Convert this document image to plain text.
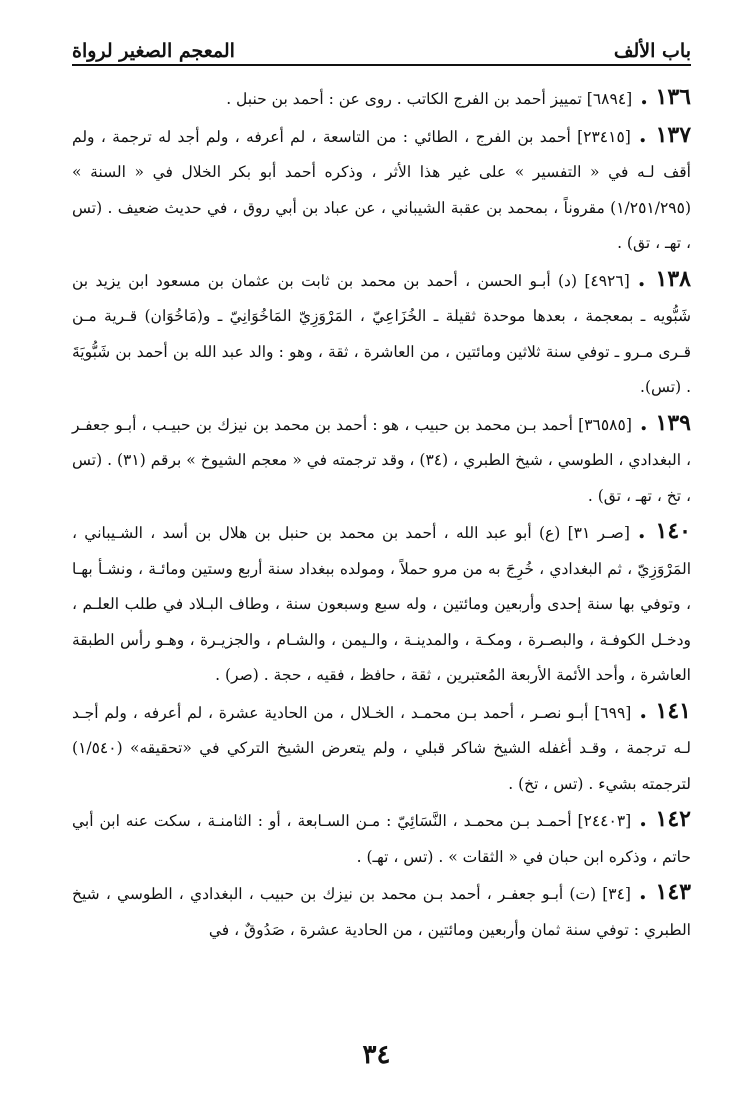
باب الألف
المعجم الصغير لرواة

١٣٦ .[٦٨٩٤] تمييز أحمد بن الفرج الكاتب . روى عن : أحمد بن حنبل .

١٣٧ .[٢٣٤١٥] أحمد بن الفرج ، الطائي : من التاسعة ، لم أعرفه ، ولم أجد له ترجمة ، ولم أقف لـه في « التفسير » على غير هذا الأثر ، وذكره أحمد أبو بكر الخلال في « السنة » (١/٢٥١/٢٩٥) مقروناً ، بمحمد بن عقبة الشيباني ، عن عباد بن أبي روق ، في حديث ضعيف . (تس ، تهـ ، تق) .

١٣٨ .[٤٩٢٦] (د) أبـو الحسن ، أحمد بن محمد بن ثابت بن عثمان بن مسعود ابن يزيد بن شَبُّويه ـ بمعجمة ، بعدها موحدة ثقيلة ـ الخُزَاعِيّ ، المَرْوَزِيّ المَاخُوَانِيّ ـ و(مَاخُوَان) قـرية مـن قـرى مـرو ـ توفي سنة ثلاثين ومائتين ، من العاشرة ، ثقة ، وهو : والد عبد الله بن أحمد بن شَبُّويَةَ . (تس).

١٣٩ .[٣٦٥٨٥] أحمد بـن محمد بن حبيب ، هو : أحمد بن محمد بن نيزك بن حبيـب ، أبـو جعفـر ، البغدادي ، الطوسي ، شيخ الطبري ، (٣٤) ، وقد ترجمته في « معجم الشيوخ » برقم (٣١) . (تس ، تخ ، تهـ ، تق) .

١٤٠ .[صـر ٣١] (ع) أبو عبد الله ، أحمد بن محمد بن حنبل بن هلال بن أسد ، الشـيباني ، المَرْوَزِيّ ، ثم البغدادي ، خُرِجَ به من مرو حملاً ، ومولده ببغداد سنة أربع وستين ومائـة ، ونشـأ بهـا ، وتوفي بها سنة إحدى وأربعين ومائتين ، وله سبع وسبعون سنة ، وطاف البـلاد في طلب العلـم ، ودخـل الكوفـة ، والبصـرة ، ومكـة ، والمدينـة ، والـيمن ، والشـام ، والجزيـرة ، وهـو رأس الطبقة العاشرة ، وأحد الأئمة الأربعة المُعتبرين ، ثقة ، حافظ ، فقيه ، حجة . (صر) .

١٤١ .[٦٩٩] أبـو نصـر ، أحمد بـن محمـد ، الخـلال ، من الحادية عشرة ، لم أعرفه ، ولم أجـد لـه ترجمة ، وقـد أغفله الشيخ شاكر قبلي ، ولم يتعرض الشيخ التركي في «تحقيقه» (١/٥٤٠) لترجمته بشيء . (تس ، تخ) .

١٤٢ .[٢٤٤٠٣] أحمـد بـن محمـد ، النَّسَائِيّ : مـن السـابعة ، أو : الثامنـة ، سكت عنه ابن أبي حاتم ، وذكره ابن حبان في « الثقات » . (تس ، تهـ) .

١٤٣ .[٣٤] (ت) أبـو جعفـر ، أحمد بـن محمد بن نيزك بن حبيب ، البغدادي ، الطوسي ، شيخ الطبري : توفي سنة ثمان وأربعين ومائتين ، من الحادية عشرة ، صَدُوقٌ ، في

٣٤
